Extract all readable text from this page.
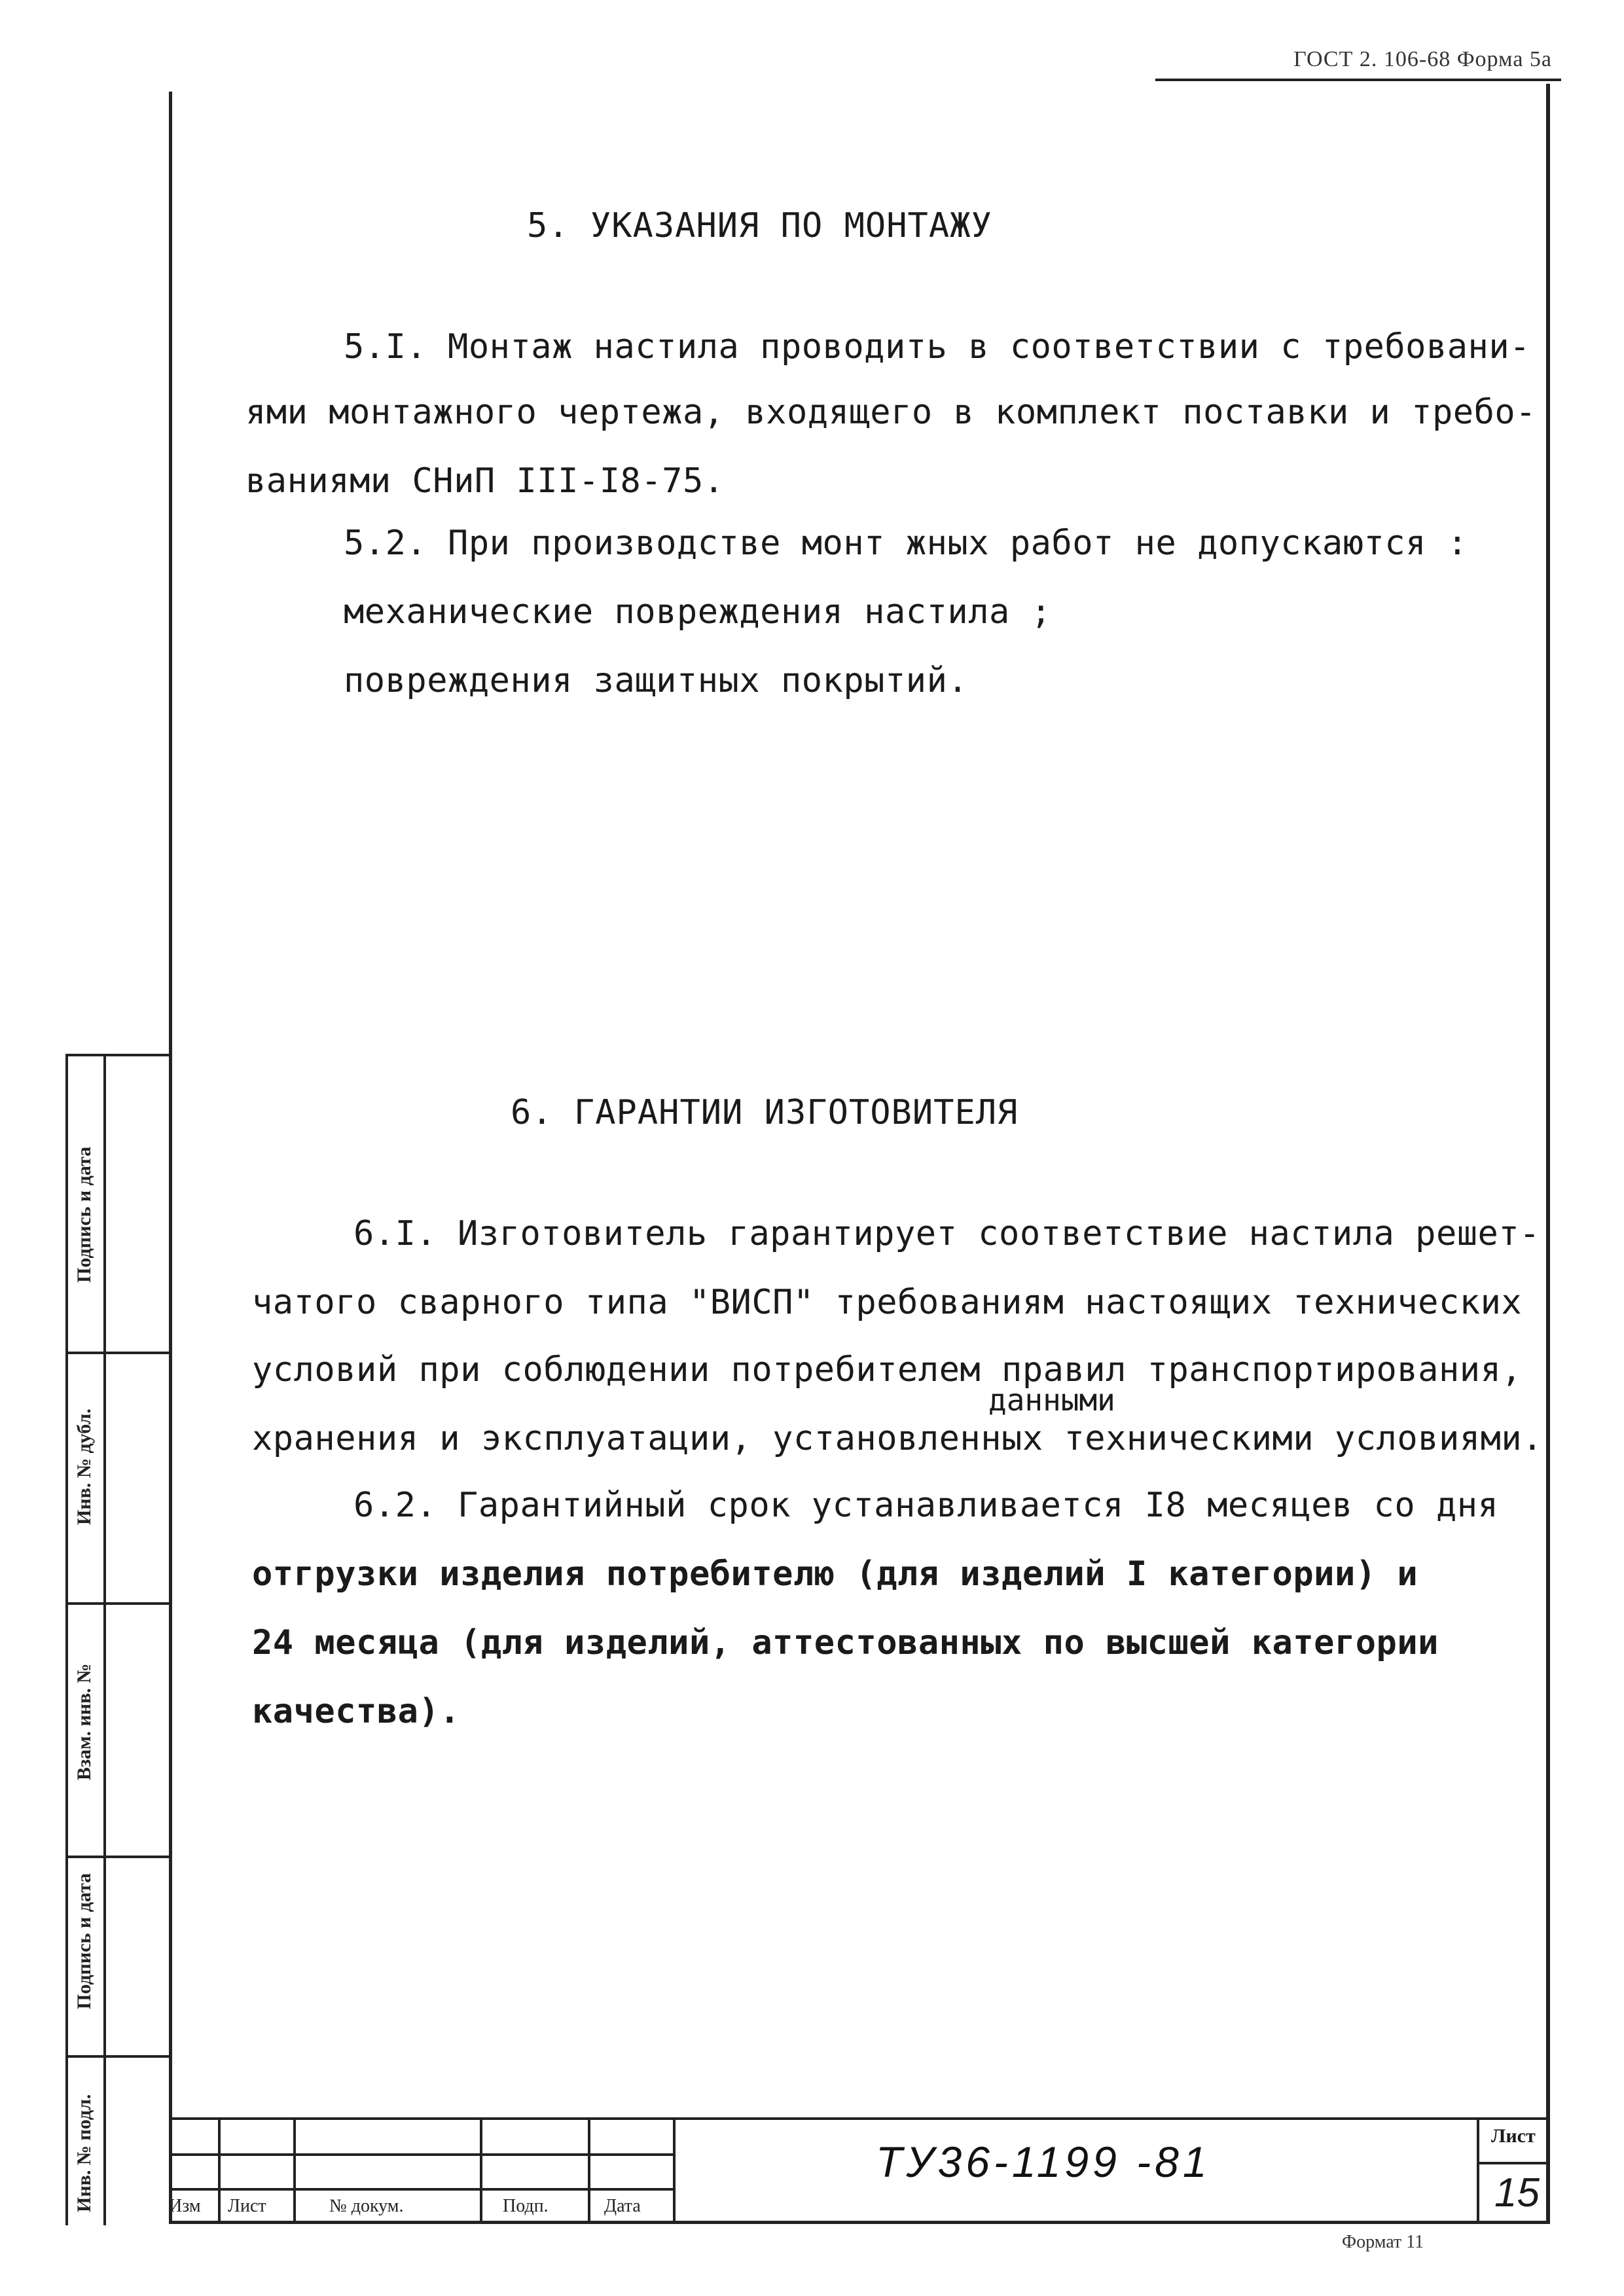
ГОСТ 2. 106-68 Форма 5а
5. УКАЗАНИЯ ПО МОНТАЖУ
5.I. Монтаж настила проводить в соответствии с требовани-
ями монтажного чертежа, входящего в комплект поставки и требо-
ваниями СНиП III-I8-75.
5.2. При производстве монт жных работ не допускаются :
механические повреждения настила ;
повреждения защитных покрытий.
6. ГАРАНТИИ ИЗГОТОВИТЕЛЯ
6.I. Изготовитель гарантирует соответствие настила решет-
чатого сварного типа "ВИСП" требованиям настоящих технических
условий при соблюдении потребителем правил транспортирования,
данными
хранения и эксплуатации, установленных техническими условиями.
6.2. Гарантийный срок устанавливается I8 месяцев со дня
отгрузки изделия потребителю (для изделий I категории) и
24 месяца (для изделий, аттестованных по высшей категории
качества).
Подпись и дата
Инв. № дубл.
Взам. инв. №
Подпись и дата
Инв. № подл.	Изм Лист	№ докум.	Подп.	Дата
ТУ36-1199 -81
Лист
15
Формат 11
